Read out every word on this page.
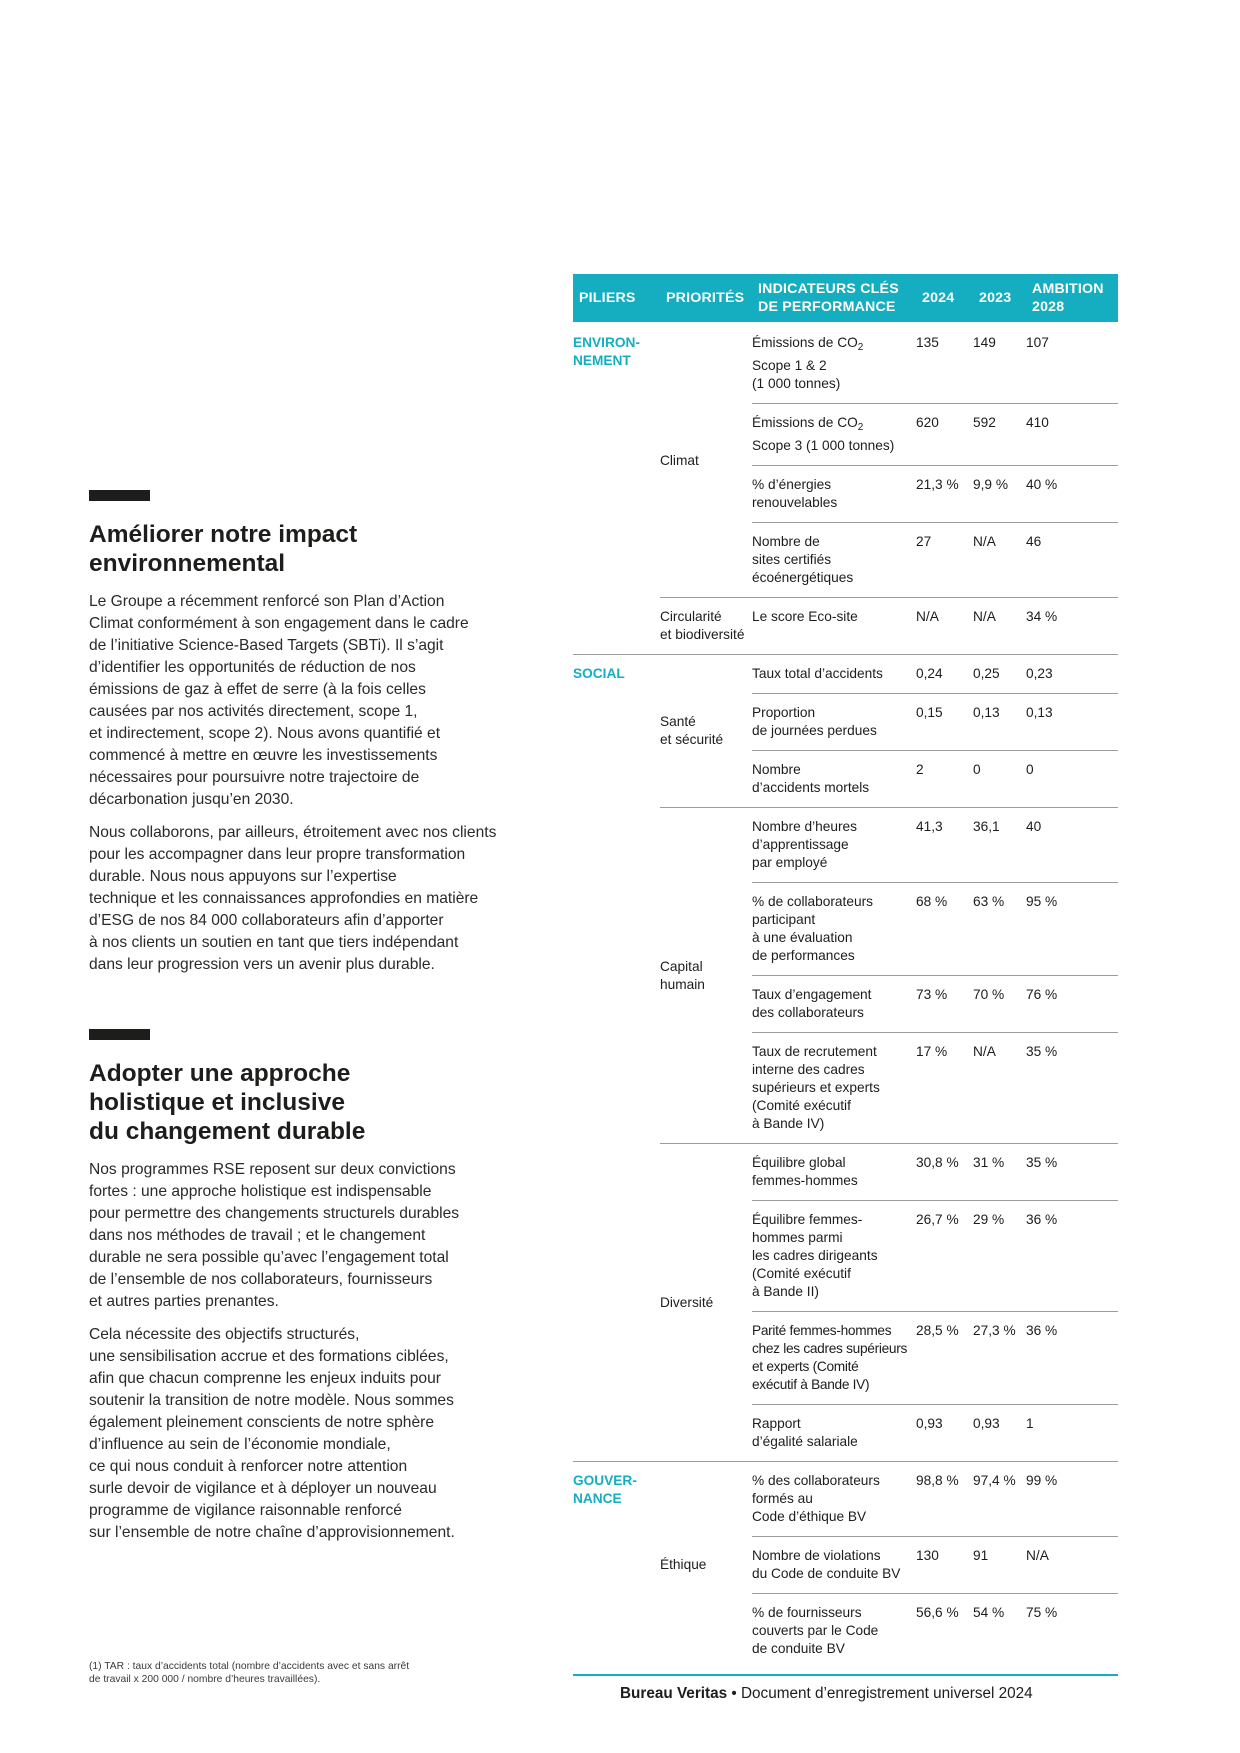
Améliorer notre impact
environnemental

Le Groupe a récemment renforcé son Plan d’Action
Climat conformément à son engagement dans le cadre
de l’initiative Science-Based Targets (SBTi). Il s’agit
d’identifier les opportunités de réduction de nos
émissions de gaz à effet de serre (à la fois celles
causées par nos activités directement, scope 1,
et indirectement, scope 2). Nous avons quantifié et
commencé à mettre en œuvre les investissements
nécessaires pour poursuivre notre trajectoire de
décarbonation jusqu’en 2030.

Nous collaborons, par ailleurs, étroitement avec nos clients
pour les accompagner dans leur propre transformation
durable. Nous nous appuyons sur l’expertise
technique et les connaissances approfondies en matière
d’ESG de nos 84 000 collaborateurs afin d’apporter
à nos clients un soutien en tant que tiers indépendant
dans leur progression vers un avenir plus durable.

Adopter une approche
holistique et inclusive
du changement durable

Nos programmes RSE reposent sur deux convictions
fortes : une approche holistique est indispensable
pour permettre des changements structurels durables
dans nos méthodes de travail ; et le changement
durable ne sera possible qu’avec l’engagement total
de l’ensemble de nos collaborateurs, fournisseurs
et autres parties prenantes.

Cela nécessite des objectifs structurés,
une sensibilisation accrue et des formations ciblées,
afin que chacun comprenne les enjeux induits pour
soutenir la transition de notre modèle. Nous sommes
également pleinement conscients de notre sphère
d’influence au sein de l’économie mondiale,
ce qui nous conduit à renforcer notre attention
surle devoir de vigilance et à déployer un nouveau
programme de vigilance raisonnable renforcé
sur l’ensemble de notre chaîne d’approvisionnement.

(1) TAR : taux d’accidents total (nombre d’accidents avec et sans arrêt
de travail x 200 000 / nombre d’heures travaillées).
PILIERS	PRIORITÉS	INDICATEURS CLÉS
DE PERFORMANCE	2024	2023	AMBITION
2028
ENVIRON-
NEMENT	Climat	Émissions de $CO_2$
Scope 1 & 2
(1 000 tonnes)	135	149	107
		Émissions de $CO_2$
Scope 3 (1 000 tonnes)	620	592	410
		% d’énergies
renouvelables	21,3 %	9,9 %	40 %
		Nombre de
sites certifiés
écoénergétiques	27	N/A	46
	Circularité
et biodiversité	Le score Eco-site	N/A	N/A	34 %
SOCIAL	Santé
et sécurité	Taux total d’accidents	0,24	0,25	0,23
		Proportion
de journées perdues	0,15	0,13	0,13
		Nombre
d’accidents mortels	2	0	0
	Capital
humain	Nombre d’heures
d’apprentissage
par employé	41,3	36,1	40
		% de collaborateurs
participant
à une évaluation
de performances	68 %	63 %	95 %
		Taux d’engagement
des collaborateurs	73 %	70 %	76 %
		Taux de recrutement
interne des cadres
supérieurs et experts
(Comité exécutif
à Bande IV)	17 %	N/A	35 %
	Diversité	Équilibre global
femmes-hommes	30,8 %	31 %	35 %
		Équilibre femmes-
hommes parmi
les cadres dirigeants
(Comité exécutif
à Bande II)	26,7 %	29 %	36 %
		Parité femmes-hommes
chez les cadres supérieurs
et experts (Comité
exécutif à Bande IV)	28,5 %	27,3 %	36 %
		Rapport
d’égalité salariale	0,93	0,93	1
GOUVER-
NANCE	Éthique	% des collaborateurs
formés au
Code d’éthique BV	98,8 %	97,4 %	99 %
		Nombre de violations
du Code de conduite BV	130	91	N/A
		% de fournisseurs
couverts par le Code
de conduite BV	56,6 %	54 %	75 %
Bureau Veritas • Document d’enregistrement universel 2024
